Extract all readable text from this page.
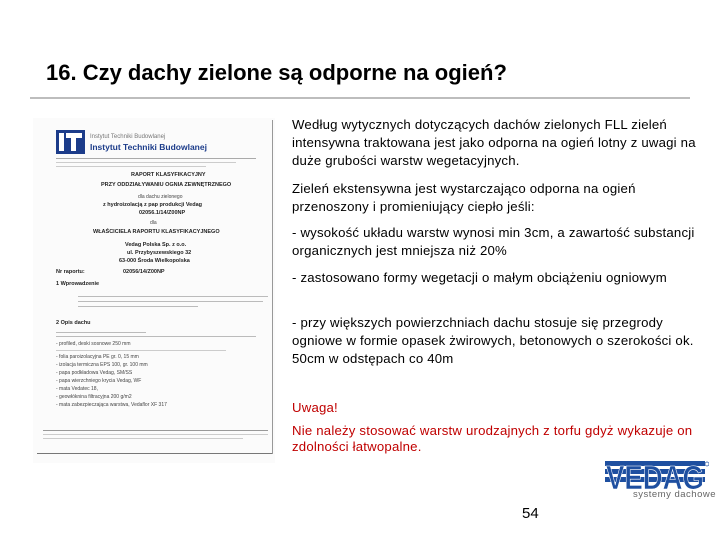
16. Czy dachy zielone są odporne na ogień?
Instytut Techniki Budowlanej
Instytut Techniki Budowlanej
RAPORT KLASYFIKACYJNY
PRZY ODDZIAŁYWANIU OGNIA ZEWNĘTRZNEGO
dla dachu zielonego
z hydroizolacją z pap produkcji Vedag
02056.1/14/Z00NP
dla
WŁAŚCICIELA RAPORTU KLASYFIKACYJNEGO
Vedag Polska Sp. z o.o.
ul. Przybyszewskiego 32
63-000 Środa Wielkopolska
Nr raportu:	02056/14/Z00NP
1 Wprowadzenie
2 Opis dachu
- profiled, deski sosnowe 250 mm
- folia paroizolacyjna PE gr. 0, 15 mm
- izolacja termiczna EPS 100, gr. 100 mm
- papa podkładowa Vedag, SM/SS
- papa wierzchniego krycia Vedag, WF
- mata Vedatec 18,
- geowłóknina filtracyjna 200 g/m2
- mata zabezpieczająca warstwa, Vedaflor XF 317
Według wytycznych dotyczących dachów zielonych FLL zieleń intensywna traktowana jest jako odporna na ogień lotny z uwagi na duże grubości warstw wegetacyjnych.
Zieleń ekstensywna jest wystarczająco odporna na ogień przenoszony i promieniujący ciepło jeśli:
- wysokość układu warstw wynosi min 3cm, a zawartość substancji organicznych jest mniejsza niż 20%
- zastosowano formy wegetacji o małym obciążeniu ogniowym
- przy większych powierzchniach dachu stosuje się przegrody ogniowe w formie opasek żwirowych, betonowych o szerokości ok. 50cm w odstępach co 40m
Uwaga!
Nie należy stosować warstw urodzajnych z torfu gdyż wykazuje on zdolności łatwopalne.
VEDAG
systemy dachowe
54
